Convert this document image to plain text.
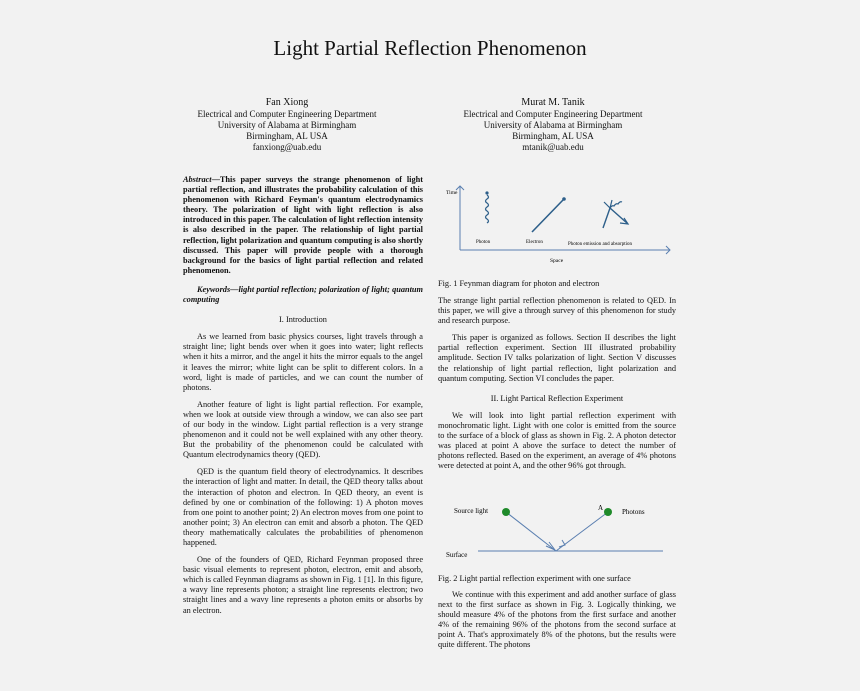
Light Partial Reflection Phenomenon
Fan Xiong
Electrical and Computer Engineering Department
University of Alabama at Birmingham
Birmingham, AL USA
fanxiong@uab.edu
Murat M. Tanik
Electrical and Computer Engineering Department
University of Alabama at Birmingham
Birmingham, AL USA
mtanik@uab.edu

Abstract—This paper surveys the strange phenomenon of light partial reflection, and illustrates the probability calculation of this phenomenon with Richard Feyman's quantum electrodynamics theory. The polarization of light with light reflection is also introduced in this paper. The calculation of light reflection intensity is also described in the paper. The relationship of light partial reflection, light polarization and quantum computing is also shortly discussed. This paper will provide people with a thorough background for the basics of light partial reflection and related phenomenon.

Keywords—light partial reflection; polarization of light; quantum computing

I. Introduction

As we learned from basic physics courses, light travels through a straight line; light bends over when it goes into water; light reflects when it hits a mirror, and the angel it hits the mirror equals to the angel it leaves the mirror; white light can be split to different colors. In a word, light is made of particles, and we can count the number of photons.

Another feature of light is light partial reflection. For example, when we look at outside view through a window, we can also see part of our body in the window. Light partial reflection is a very strange phenomenon and it could not be well explained with any other theory. But the probability of the phenomenon could be calculated with Quantum electrodynamics theory (QED).

QED is the quantum field theory of electrodynamics. It describes the interaction of light and matter. In detail, the QED theory talks about the interaction of photon and electron. In QED theory, an event is defined by one or combination of the following: 1) A photon moves from one point to another point; 2) An electron moves from one point to another point; 3) An electron can emit and absorb a photon. The QED theory mathematically calculates the probabilities of phenomenon happened.

One of the founders of QED, Richard Feynman proposed three basic visual elements to represent photon, electron, emit and absorb, which is called Feynman diagrams as shown in Fig. 1 [1]. In this figure, a wavy line represents photon; a straight line represents electron; two straight lines and a wavy line represents a photon emits or absorbs by an electron.

Time
Space
Photon	Electron	Photon emission and absorption
Fig. 1 Feynman diagram for photon and electron

The strange light partial reflection phenomenon is related to QED. In this paper, we will give a through survey of this phenomenon for study and research purpose.

This paper is organized as follows. Section II describes the light partial reflection experiment. Section III illustrated probability amplitude. Section IV talks polarization of light. Section V discusses the relationship of light partial reflection, light polarization and quantum computing. Section VI concludes the paper.

II. Light Partical Reflection Experiment

We will look into light partial reflection experiment with monochromatic light. Light with one color is emitted from the source to the surface of a block of glass as shown in Fig. 2. A photon detector was placed at point A above the surface to detect the number of photons reflected. Based on the experiment, an average of 4% photons were detected at point A, and the other 96% got through.

Source light	A	Photons
Surface
Fig. 2 Light partial reflection experiment with one surface

We continue with this experiment and add another surface of glass next to the first surface as shown in Fig. 3. Logically thinking, we should measure 4% of the photons from the first surface and another 4% of the remaining 96% of the photons from the second surface at point A. That's approximately 8% of the photons, but the results were quite different. The photons
